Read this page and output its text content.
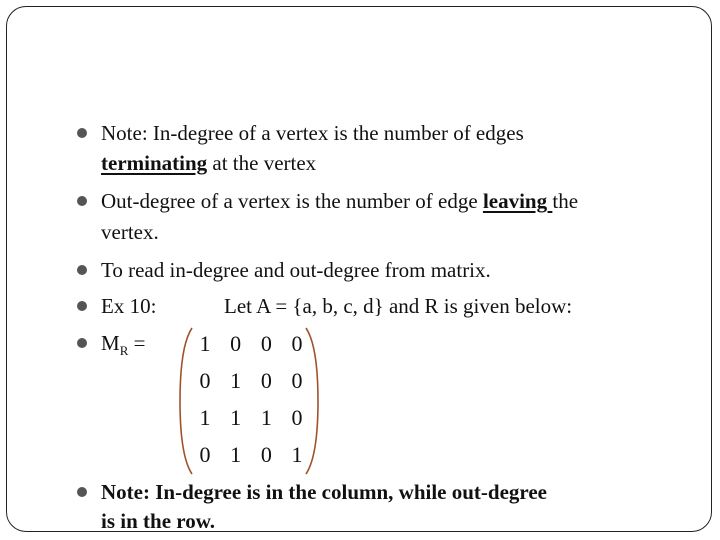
Note: In-degree of a vertex is the number of edges
terminating at the vertex
Out-degree of a vertex is the number of edge leaving the
vertex.
To read in-degree and out-degree from matrix.
Ex 10:	Let A = {a, b, c, d} and R is given below:
$M_R = 1$ 0 0 0
0 1 0 0
1 1 1 0
0 1 0 1
Note: In-degree is in the column, while out-degree
is in the row.
